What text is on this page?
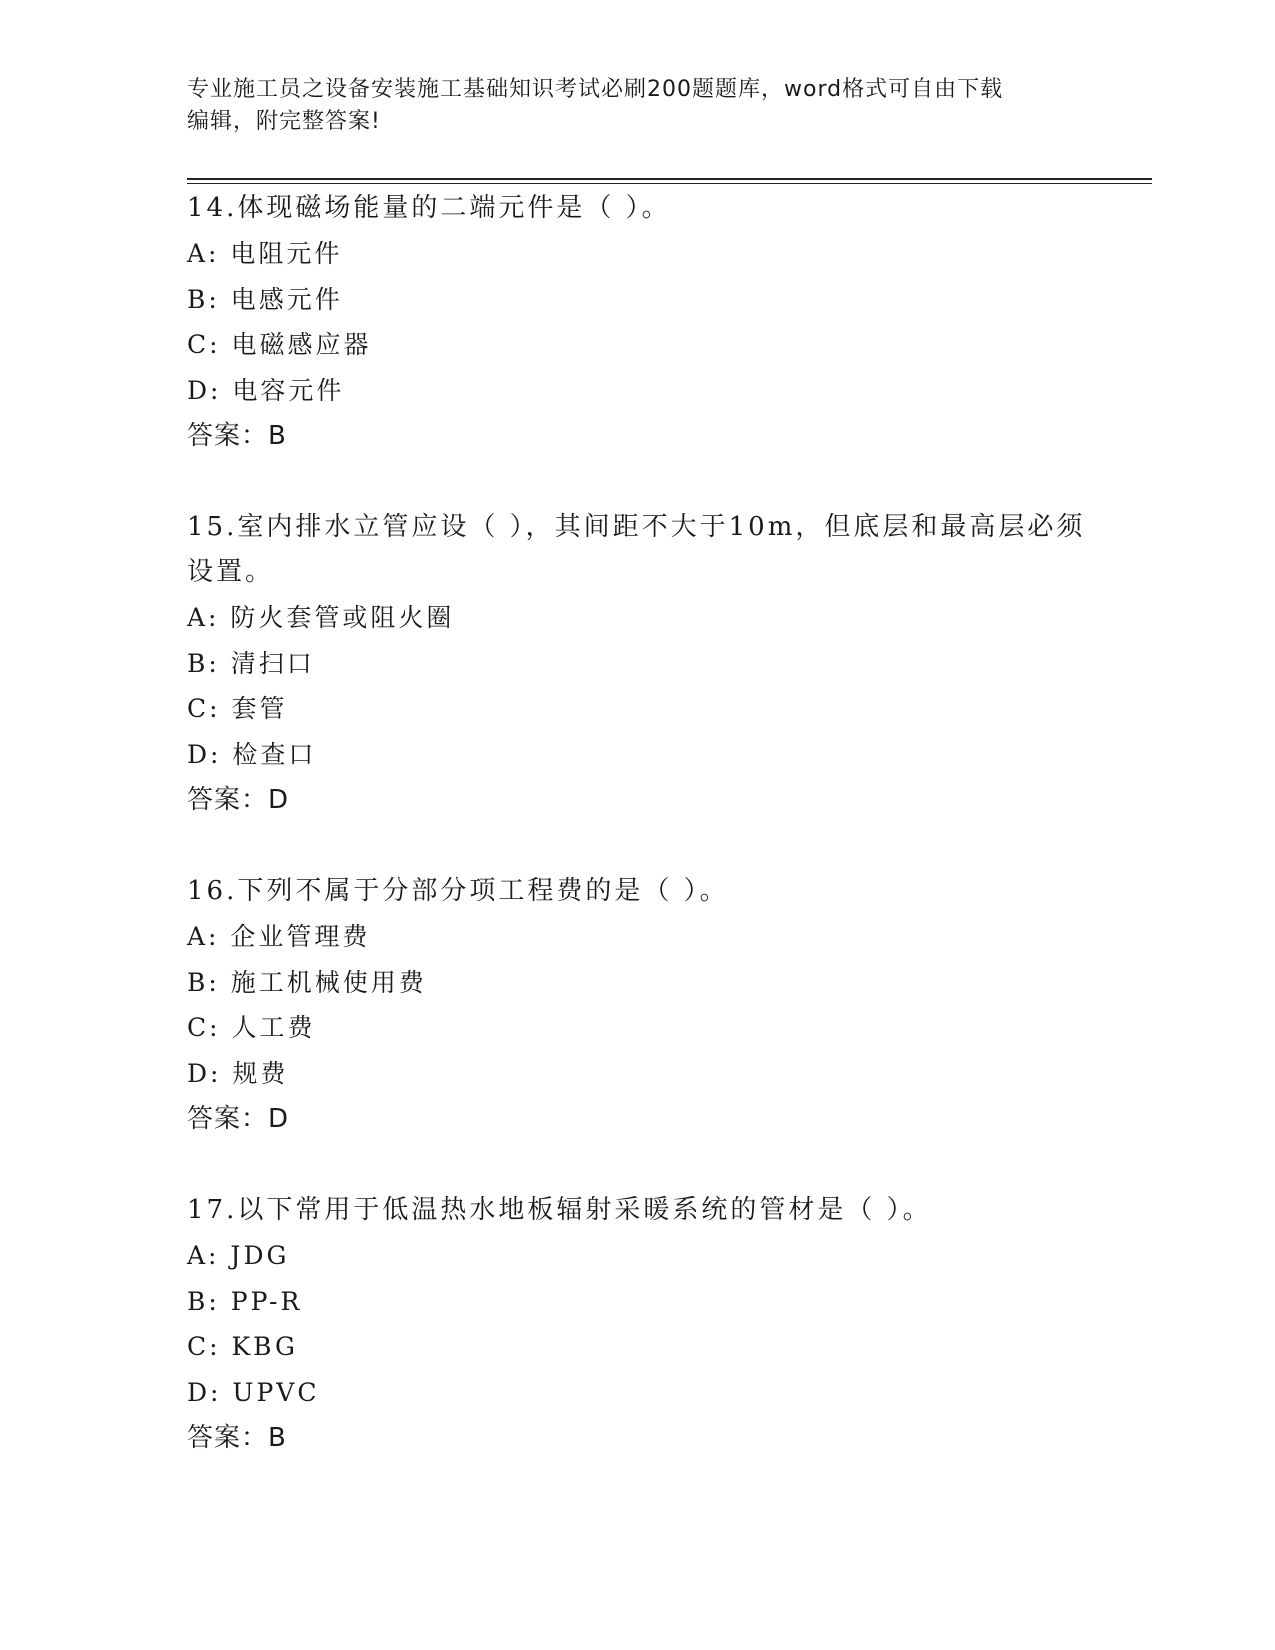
专业施工员之设备安装施工基础知识考试必刷200题题库，word格式可自由下载
编辑，附完整答案!

14.体现磁场能量的二端元件是（ ）。

A: 电阻元件

B: 电感元件

C: 电磁感应器

D: 电容元件

答案：B

15.室内排水立管应设（ ），其间距不大于10m，但底层和最高层必须设置。

A: 防火套管或阻火圈

B: 清扫口

C: 套管

D: 检查口

答案：D

16.下列不属于分部分项工程费的是（ ）。

A: 企业管理费

B: 施工机械使用费

C: 人工费

D: 规费

答案：D

17.以下常用于低温热水地板辐射采暖系统的管材是（ ）。

A: JDG

B: PP-R

C: KBG

D: UPVC

答案：B
